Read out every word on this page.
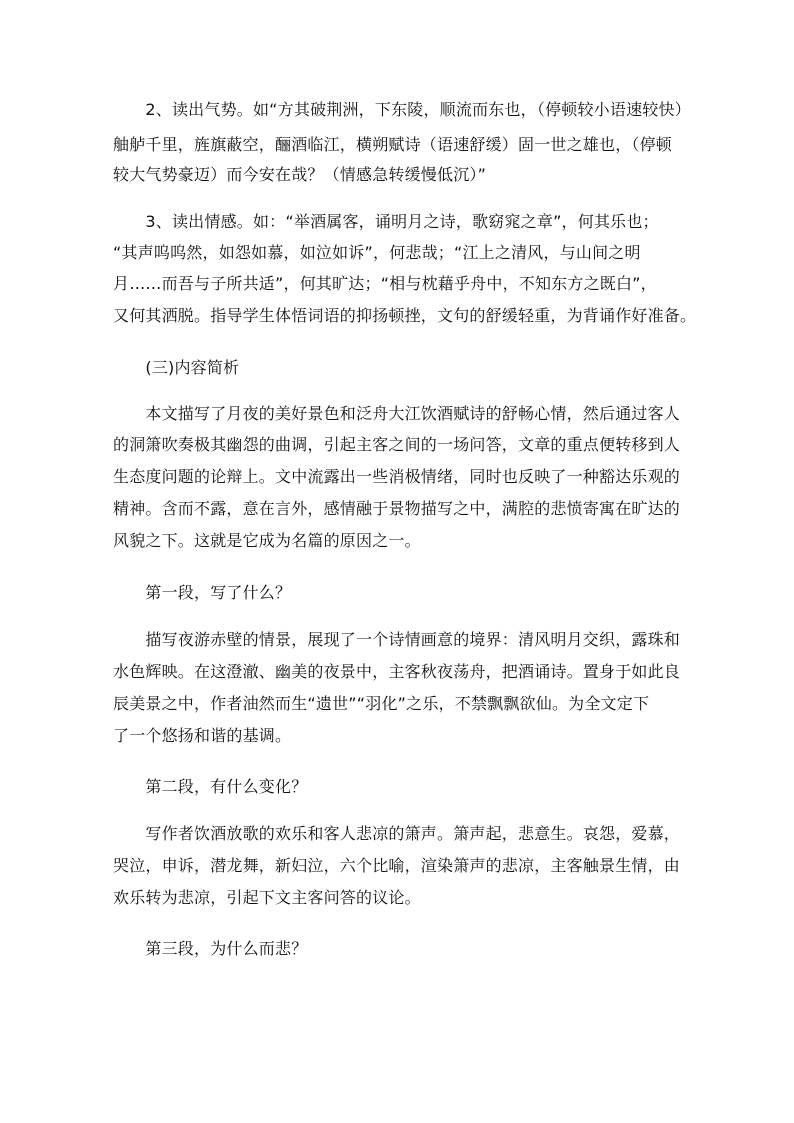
　　2、读出气势。如“方其破荆洲，下东陵，顺流而东也，（停顿较小语速较快）
舳舻千里，旌旗蔽空，酾酒临江，横朔赋诗（语速舒缓）固一世之雄也，（停顿
较大气势豪迈）而今安在哉？（情感急转缓慢低沉）”
　　3、读出情感。如：“举酒属客，诵明月之诗，歌窈窕之章”，何其乐也；
“其声呜呜然，如怨如慕，如泣如诉”，何悲哉；“江上之清风，与山间之明
月……而吾与子所共适”，何其旷达；“相与枕藉乎舟中，不知东方之既白”，
又何其洒脱。指导学生体悟词语的抑扬顿挫，文句的舒缓轻重，为背诵作好准备。
　　(三)内容简析
　　本文描写了月夜的美好景色和泛舟大江饮酒赋诗的舒畅心情，然后通过客人
的洞箫吹奏极其幽怨的曲调，引起主客之间的一场问答，文章的重点便转移到人
生态度问题的论辩上。文中流露出一些消极情绪，同时也反映了一种豁达乐观的
精神。含而不露，意在言外，感情融于景物描写之中，满腔的悲愤寄寓在旷达的
风貌之下。这就是它成为名篇的原因之一。
　　第一段，写了什么？
　　描写夜游赤壁的情景，展现了一个诗情画意的境界：清风明月交织，露珠和
水色辉映。在这澄澈、幽美的夜景中，主客秋夜荡舟，把酒诵诗。置身于如此良
辰美景之中，作者油然而生“遗世”“羽化”之乐，不禁飘飘欲仙。为全文定下
了一个悠扬和谐的基调。
　　第二段，有什么变化？
　　写作者饮酒放歌的欢乐和客人悲凉的箫声。箫声起，悲意生。哀怨，爱慕，
哭泣，申诉，潜龙舞，新妇泣，六个比喻，渲染箫声的悲凉，主客触景生情，由
欢乐转为悲凉，引起下文主客问答的议论。
　　第三段，为什么而悲？
